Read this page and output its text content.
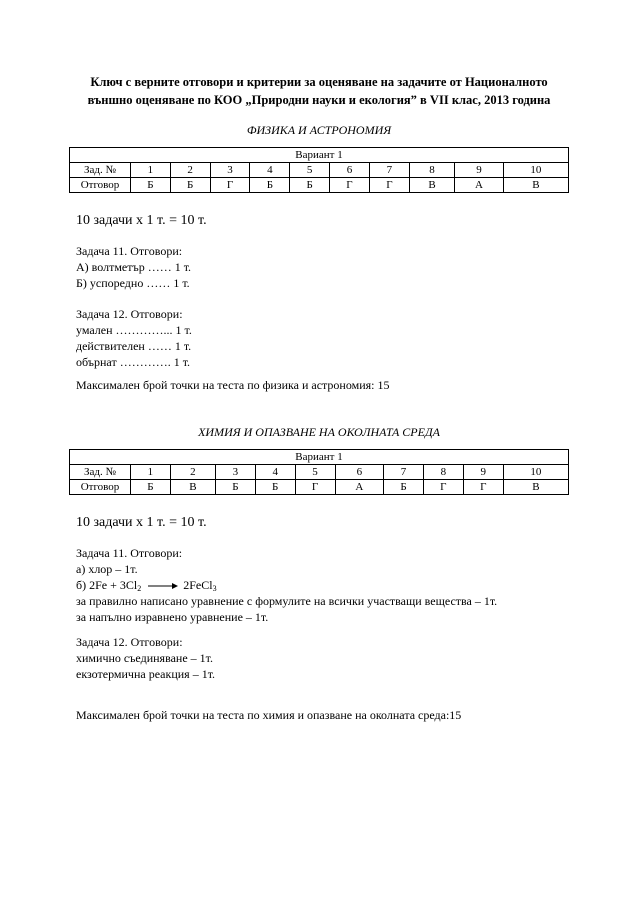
Ключ с верните отговори и критерии за оценяване на задачите от Националното
външно оценяване по КОО „Природни науки и екология” в VII клас, 2013 година
ФИЗИКА И АСТРОНОМИЯ
Вариант 1										
Зад. №	1	2	3	4	5	6	7	8	9	10
Отговор	Б	Б	Г	Б	Б	Г	Г	В	А	В
10 задачи х 1 т. = 10 т.
Задача 11. Отговори:
А) волтметър …… 1 т.
Б) успоредно …… 1 т.
Задача 12. Отговори:
умален …………... 1 т.
действителен …… 1 т.
обърнат …………. 1 т.
Максимален брой точки на теста по физика и астрономия: 15
ХИМИЯ И ОПАЗВАНЕ НА ОКОЛНАТА СРЕДА
Вариант 1										
Зад. №	1	2	3	4	5	6	7	8	9	10
Отговор	Б	В	Б	Б	Г	А	Б	Г	Г	В
10 задачи х 1 т. = 10 т.
Задача 11. Отговори:
а) хлор – 1т.
б) $2Fe + 3Cl_2$ → 2FeCl$_3$
за правилно написано уравнение с формулите на всички участващи вещества – 1т.
за напълно изравнено уравнение – 1т.
Задача 12. Отговори:
химично съединяване – 1т.
екзотермична реакция – 1т.
Максимален брой точки на теста по химия и опазване на околната среда:15
